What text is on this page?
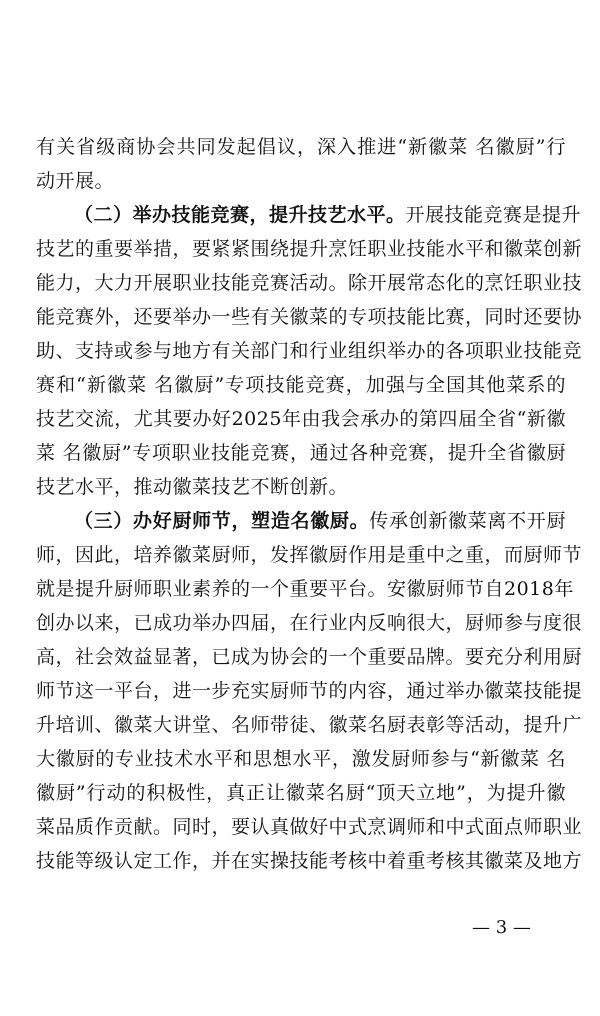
有关省级商协会共同发起倡议，深入推进“新徽菜 名徽厨”行
动开展。
（二）举办技能竞赛，提升技艺水平。开展技能竞赛是提升
技艺的重要举措，要紧紧围绕提升烹饪职业技能水平和徽菜创新
能力，大力开展职业技能竞赛活动。除开展常态化的烹饪职业技
能竞赛外，还要举办一些有关徽菜的专项技能比赛，同时还要协
助、支持或参与地方有关部门和行业组织举办的各项职业技能竞
赛和“新徽菜 名徽厨”专项技能竞赛，加强与全国其他菜系的
技艺交流，尤其要办好2025年由我会承办的第四届全省“新徽
菜 名徽厨”专项职业技能竞赛，通过各种竞赛，提升全省徽厨
技艺水平，推动徽菜技艺不断创新。
（三）办好厨师节，塑造名徽厨。传承创新徽菜离不开厨
师，因此，培养徽菜厨师，发挥徽厨作用是重中之重，而厨师节
就是提升厨师职业素养的一个重要平台。安徽厨师节自2018年
创办以来，已成功举办四届，在行业内反响很大，厨师参与度很
高，社会效益显著，已成为协会的一个重要品牌。要充分利用厨
师节这一平台，进一步充实厨师节的内容，通过举办徽菜技能提
升培训、徽菜大讲堂、名师带徒、徽菜名厨表彰等活动，提升广
大徽厨的专业技术水平和思想水平，激发厨师参与“新徽菜 名
徽厨”行动的积极性，真正让徽菜名厨“顶天立地”，为提升徽
菜品质作贡献。同时，要认真做好中式烹调师和中式面点师职业
技能等级认定工作，并在实操技能考核中着重考核其徽菜及地方
— 3 —
